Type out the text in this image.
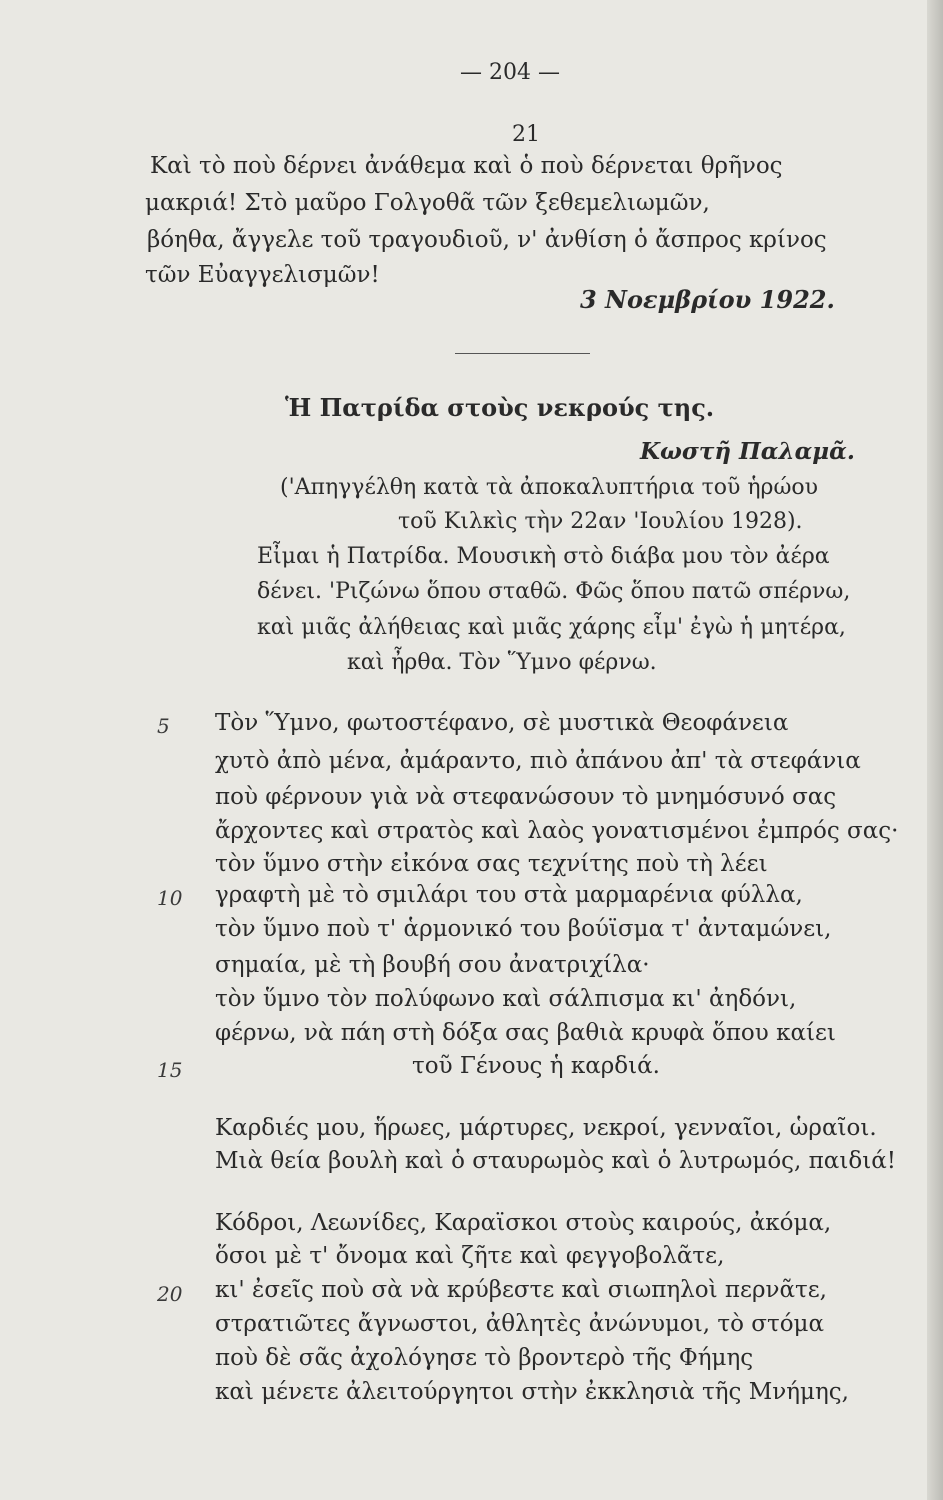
— 204 —
21
Καὶ τὸ ποὺ δέρνει ἀνάθεμα καὶ ὁ ποὺ δέρνεται θρῆνος
μακριά! Στὸ μαῦρο Γολγοθᾶ τῶν ξεθεμελιωμῶν,
βόηθα, ἄγγελε τοῦ τραγουδιοῦ, ν' ἀνθίση ὁ ἄσπρος κρίνος
τῶν Εὐαγγελισμῶν!
3 Νοεμβρίου 1922.
Ἡ Πατρίδα στοὺς νεκρούς της.
Κωστῆ Παλαμᾶ.
('Απηγγέλθη κατὰ τὰ ἀποκαλυπτήρια τοῦ ἡρώου
τοῦ Κιλκὶς τὴν 22αν 'Ιουλίου 1928).
Εἶμαι ἡ Πατρίδα. Μουσικὴ στὸ διάβα μου τὸν ἀέρα
δένει. 'Ριζώνω ὅπου σταθῶ. Φῶς ὅπου πατῶ σπέρνω,
καὶ μιᾶς ἀλήθειας καὶ μιᾶς χάρης εἶμ' ἐγὼ ἡ μητέρα,
καὶ ἦρθα. Τὸν Ὕμνο φέρνω.
5 Τὸν Ὕμνο, φωτοστέφανο, σὲ μυστικὰ Θεοφάνεια
χυτὸ ἀπὸ μένα, ἀμάραντο, πιὸ ἀπάνου ἀπ' τὰ στεφάνια
ποὺ φέρνουν γιὰ νὰ στεφανώσουν τὸ μνημόσυνό σας
ἄρχοντες καὶ στρατὸς καὶ λαὸς γονατισμένοι ἐμπρός σας·
τὸν ὕμνο στὴν εἰκόνα σας τεχνίτης ποὺ τὴ λέει
10 γραφτὴ μὲ τὸ σμιλάρι του στὰ μαρμαρένια φύλλα,
τὸν ὕμνο ποὺ τ' ἁρμονικό του βούϊσμα τ' ἀνταμώνει,
σημαία, μὲ τὴ βουβή σου ἀνατριχίλα·
τὸν ὕμνο τὸν πολύφωνο καὶ σάλπισμα κι' ἀηδόνι,
φέρνω, νὰ πάη στὴ δόξα σας βαθιὰ κρυφὰ ὅπου καίει
15	τοῦ Γένους ἡ καρδιά.
Καρδιές μου, ἥρωες, μάρτυρες, νεκροί, γενναῖοι, ὡραῖοι.
Μιὰ θεία βουλὴ καὶ ὁ σταυρωμὸς καὶ ὁ λυτρωμός, παιδιά!
Κόδροι, Λεωνίδες, Καραϊσκοι στοὺς καιρούς, ἀκόμα,
ὅσοι μὲ τ' ὄνομα καὶ ζῆτε καὶ φεγγοβολᾶτε,
20 κι' ἐσεῖς ποὺ σὰ νὰ κρύβεστε καὶ σιωπηλοὶ περνᾶτε,
στρατιῶτες ἄγνωστοι, ἀθλητὲς ἀνώνυμοι, τὸ στόμα
ποὺ δὲ σᾶς ἀχολόγησε τὸ βροντερὸ τῆς Φήμης
καὶ μένετε ἀλειτούργητοι στὴν ἐκκλησιὰ τῆς Μνήμης,
